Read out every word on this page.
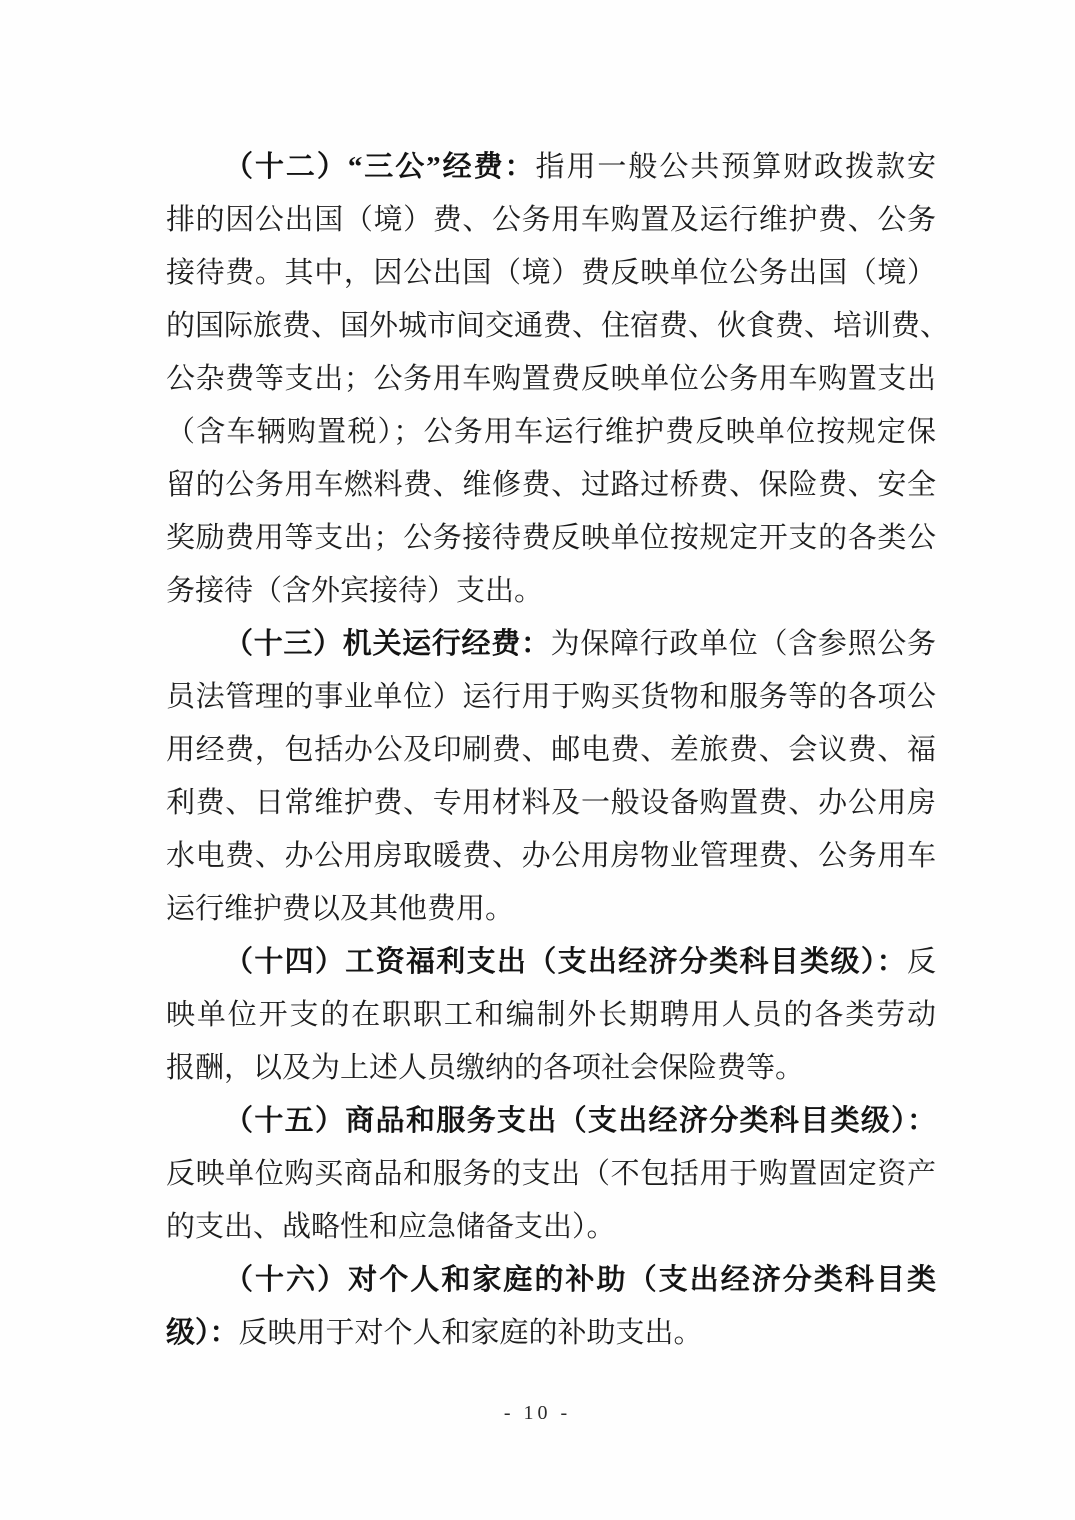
（十二）“三公”经费：指用一般公共预算财政拨款安
排的因公出国（境）费、公务用车购置及运行维护费、公务
接待费。其中，因公出国（境）费反映单位公务出国（境）
的国际旅费、国外城市间交通费、住宿费、伙食费、培训费、
公杂费等支出；公务用车购置费反映单位公务用车购置支出
（含车辆购置税）；公务用车运行维护费反映单位按规定保
留的公务用车燃料费、维修费、过路过桥费、保险费、安全
奖励费用等支出；公务接待费反映单位按规定开支的各类公
务接待（含外宾接待）支出。
（十三）机关运行经费：为保障行政单位（含参照公务
员法管理的事业单位）运行用于购买货物和服务等的各项公
用经费，包括办公及印刷费、邮电费、差旅费、会议费、福
利费、日常维护费、专用材料及一般设备购置费、办公用房
水电费、办公用房取暖费、办公用房物业管理费、公务用车
运行维护费以及其他费用。
（十四）工资福利支出（支出经济分类科目类级）：反
映单位开支的在职职工和编制外长期聘用人员的各类劳动
报酬，以及为上述人员缴纳的各项社会保险费等。
（十五）商品和服务支出（支出经济分类科目类级）：
反映单位购买商品和服务的支出（不包括用于购置固定资产
的支出、战略性和应急储备支出）。
（十六）对个人和家庭的补助（支出经济分类科目类
级）：反映用于对个人和家庭的补助支出。
- 10 -
